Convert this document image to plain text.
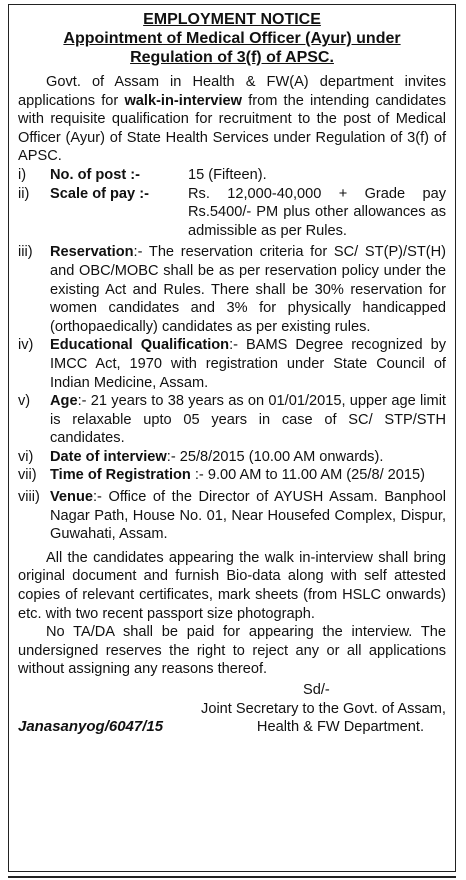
EMPLOYMENT NOTICE
Appointment of Medical Officer (Ayur) under
Regulation of 3(f) of APSC.

Govt. of Assam in Health & FW(A) department invites applications for walk-in-interview from the intending candidates with requisite qualification for recruitment to the post of Medical Officer (Ayur) of State Health Services under Regulation of 3(f) of APSC.

i) No. of post :-	15 (Fifteen).
ii) Scale of pay :-	Rs. 12,000-40,000 + Grade pay Rs.5400/- PM plus other allowances as admissible as per Rules.
iii) Reservation:- The reservation criteria for SC/ ST(P)/ST(H) and OBC/MOBC shall be as per reservation policy under the existing Act and Rules. There shall be 30% reservation for women candidates and 3% for physically handicapped (orthopaedically) candidates as per existing rules.
iv) Educational Qualification:- BAMS Degree recognized by IMCC Act, 1970 with registration under State Council of Indian Medicine, Assam.
v) Age:- 21 years to 38 years as on 01/01/2015, upper age limit is relaxable upto 05 years in case of SC/ STP/STH candidates.
vi) Date of interview:- 25/8/2015 (10.00 AM onwards).
vii) Time of Registration :- 9.00 AM to 11.00 AM (25/8/ 2015)
viii) Venue:- Office of the Director of AYUSH Assam. Banphool Nagar Path, House No. 01, Near Housefed Complex, Dispur, Guwahati, Assam.

All the candidates appearing the walk in-interview shall bring original document and furnish Bio-data along with self attested copies of relevant certificates, mark sheets (from HSLC onwards) etc. with two recent passport size photograph.

No TA/DA shall be paid for appearing the interview. The undersigned reserves the right to reject any or all applications without assigning any reasons thereof.

Sd/-
Joint Secretary to the Govt. of Assam,
Janasanyog/6047/15	Health & FW Department.
